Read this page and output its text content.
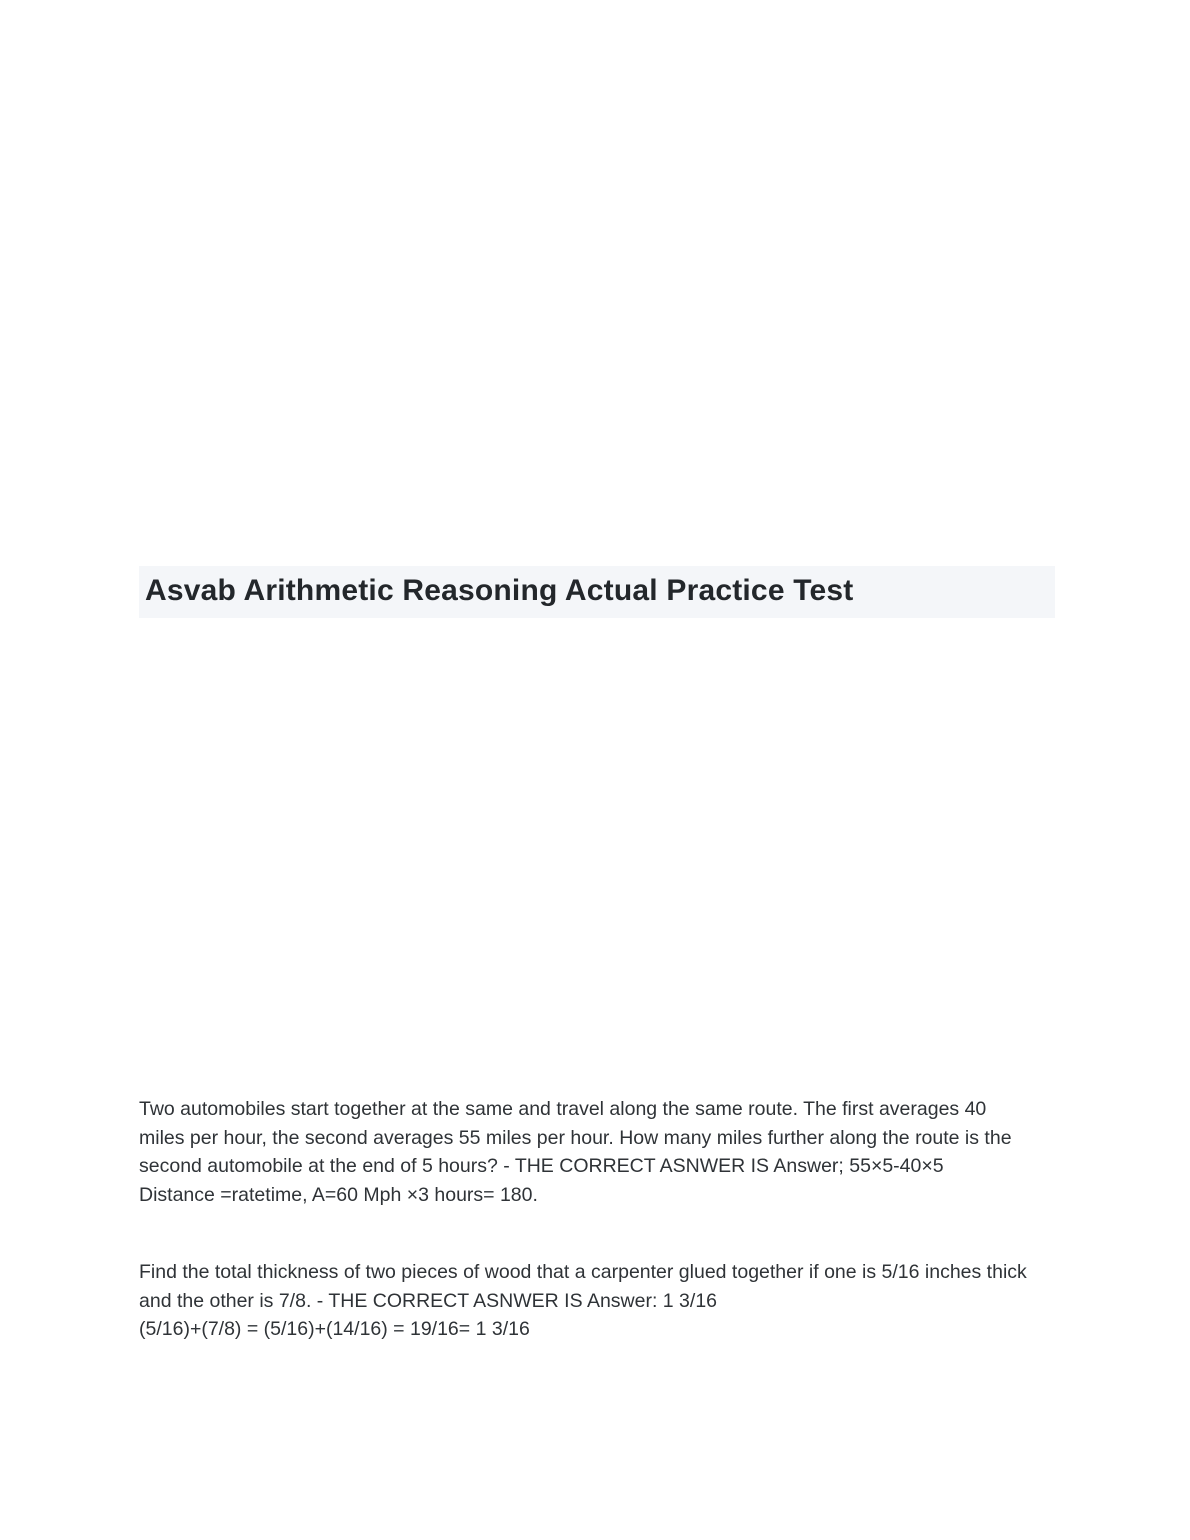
Asvab Arithmetic Reasoning Actual Practice Test
Two automobiles start together at the same and travel along the same route. The first averages 40 miles per hour, the second averages 55 miles per hour. How many miles further along the route is the second automobile at the end of 5 hours? - THE CORRECT ASNWER IS Answer; 55×5-40×5
Distance =ratetime, A=60 Mph ×3 hours= 180.
Find the total thickness of two pieces of wood that a carpenter glued together if one is 5/16 inches thick and the other is 7/8. - THE CORRECT ASNWER IS Answer: 1 3/16
(5/16)+(7/8) = (5/16)+(14/16) = 19/16= 1 3/16
